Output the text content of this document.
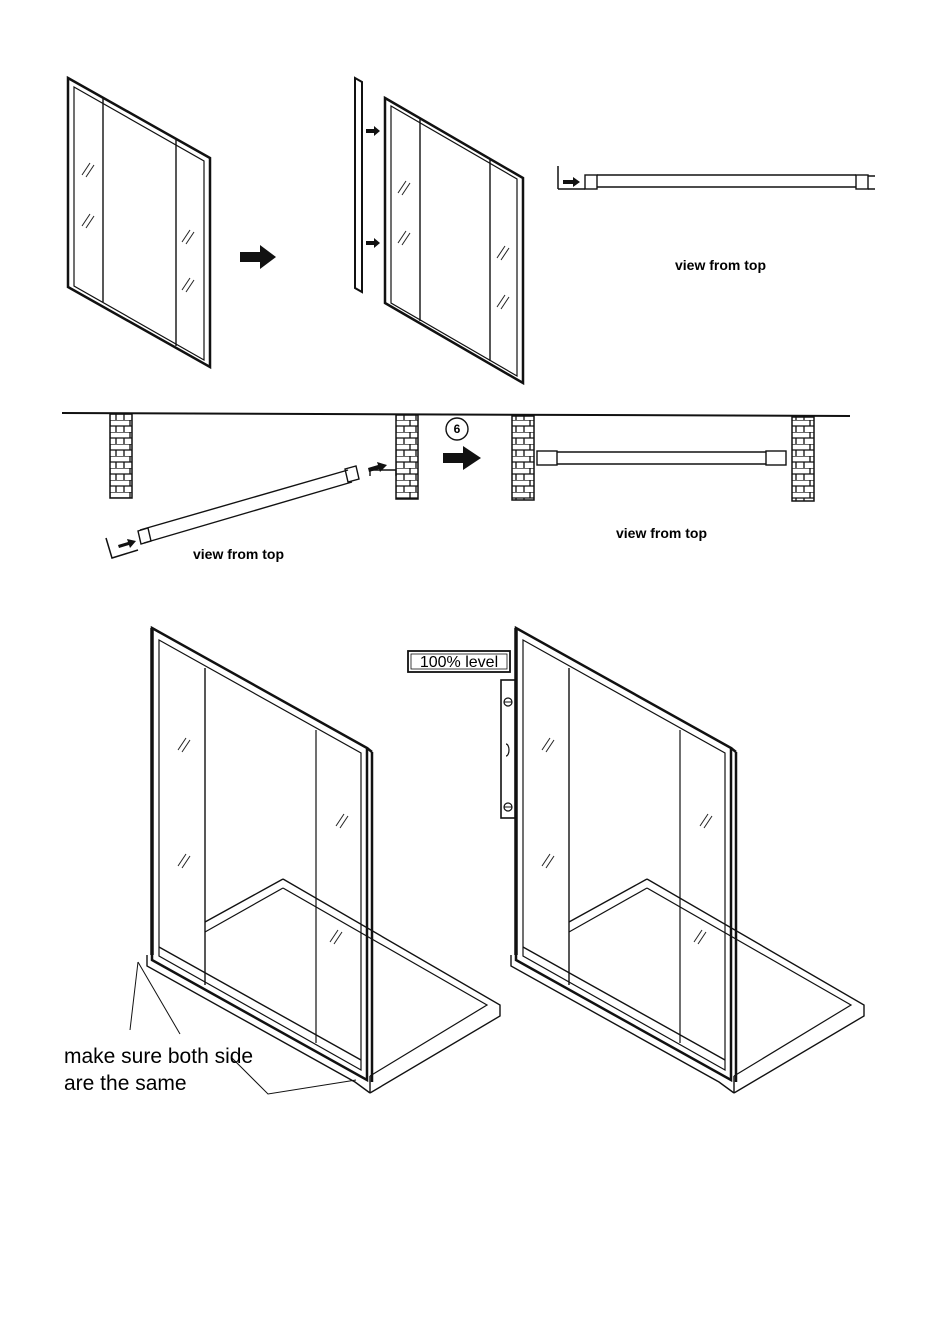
view from top
view from top
6
view from top
make sure both side
are the same
100% level
